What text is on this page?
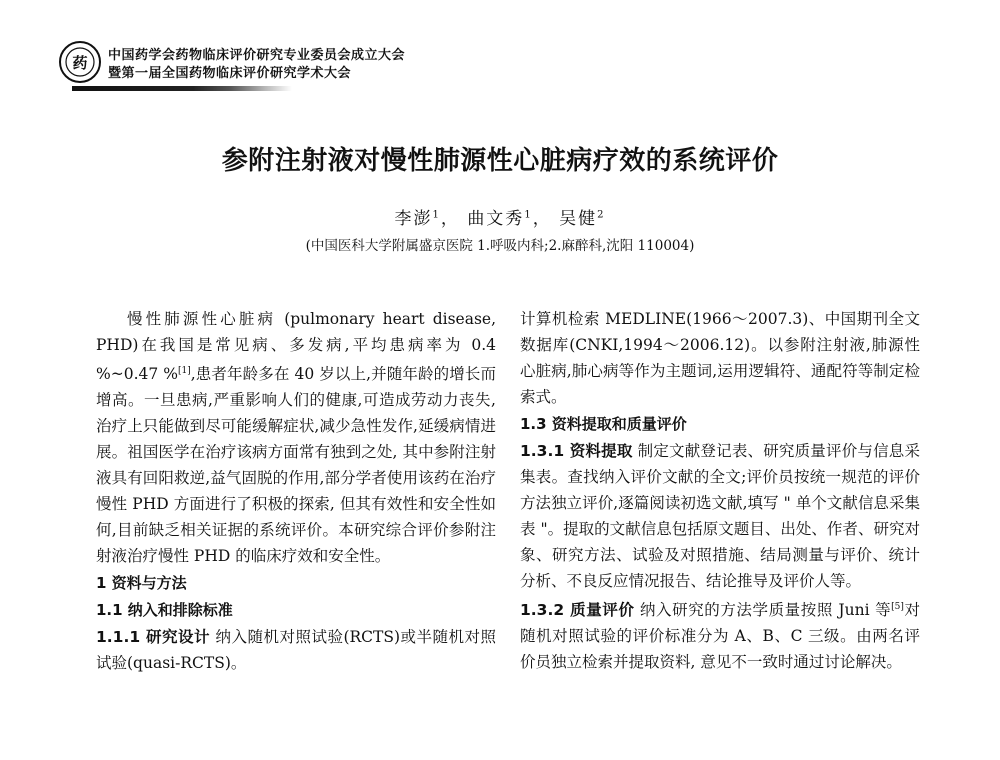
药 中国药学会药物临床评价研究专业委员会成立大会
暨第一届全国药物临床评价研究学术大会
参附注射液对慢性肺源性心脏病疗效的系统评价
李澎$^1$， 曲文秀$^1$， 吴健$^2$
(中国医科大学附属盛京医院 1.呼吸内科;2.麻醉科,沈阳 110004)

慢性肺源性心脏病 (pulmonary heart disease, PHD)在我国是常见病、多发病,平均患病率为 0.4 %~0.47 %[1],患者年龄多在 40 岁以上,并随年龄的增长而增高。一旦患病,严重影响人们的健康,可造成劳动力丧失,治疗上只能做到尽可能缓解症状,减少急性发作,延缓病情进展。祖国医学在治疗该病方面常有独到之处, 其中参附注射液具有回阳救逆,益气固脱的作用,部分学者使用该药在治疗慢性 PHD 方面进行了积极的探索, 但其有效性和安全性如何,目前缺乏相关证据的系统评价。本研究综合评价参附注射液治疗慢性 PHD 的临床疗效和安全性。

1 资料与方法
1.1 纳入和排除标准

1.1.1 研究设计 纳入随机对照试验(RCTS)或半随机对照试验(quasi-RCTS)。

计算机检索 MEDLINE(1966～2007.3)、中国期刊全文数据库(CNKI,1994～2006.12)。以参附注射液,肺源性心脏病,肺心病等作为主题词,运用逻辑符、通配符等制定检索式。

1.3 资料提取和质量评价

1.3.1 资料提取 制定文献登记表、研究质量评价与信息采集表。查找纳入评价文献的全文;评价员按统一规范的评价方法独立评价,逐篇阅读初选文献,填写 " 单个文献信息采集表 "。提取的文献信息包括原文题目、出处、作者、研究对象、研究方法、试验及对照措施、结局测量与评价、统计分析、不良反应情况报告、结论推导及评价人等。

1.3.2 质量评价 纳入研究的方法学质量按照 Juni 等[5]对随机对照试验的评价标准分为 A、B、C 三级。由两名评价员独立检索并提取资料, 意见不一致时通过讨论解决。
